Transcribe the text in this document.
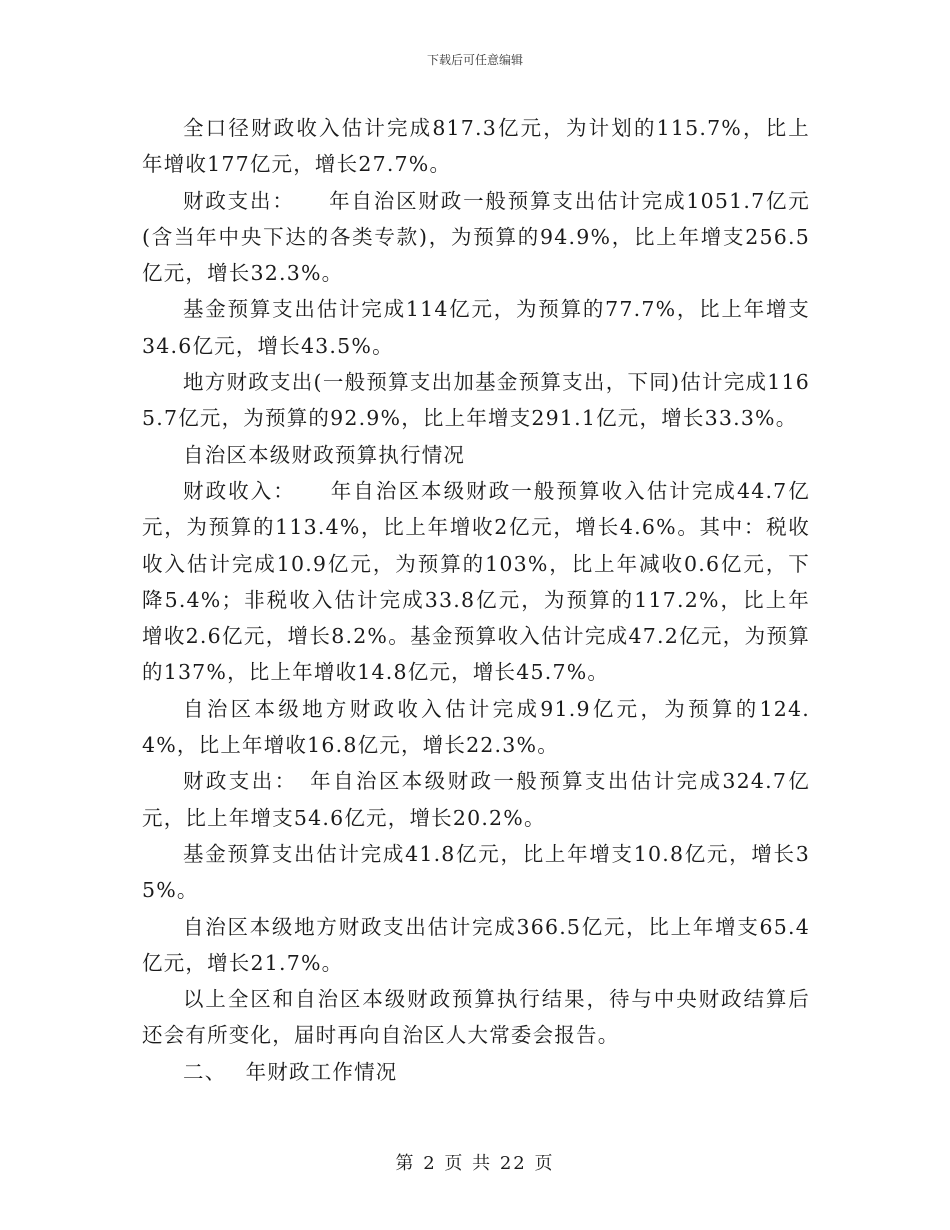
下载后可任意编辑

全口径财政收入估计完成817.3亿元，为计划的115.7%，比上年增收177亿元，增长27.7%。

财政支出：　　年自治区财政一般预算支出估计完成1051.7亿元(含当年中央下达的各类专款)，为预算的94.9%，比上年增支256.5亿元，增长32.3%。

基金预算支出估计完成114亿元，为预算的77.7%，比上年增支34.6亿元，增长43.5%。

地方财政支出(一般预算支出加基金预算支出，下同)估计完成1165.7亿元，为预算的92.9%，比上年增支291.1亿元，增长33.3%。

自治区本级财政预算执行情况

财政收入：　　年自治区本级财政一般预算收入估计完成44.7亿元，为预算的113.4%，比上年增收2亿元，增长4.6%。其中：税收收入估计完成10.9亿元，为预算的103%，比上年减收0.6亿元，下降5.4%；非税收入估计完成33.8亿元，为预算的117.2%，比上年增收2.6亿元，增长8.2%。基金预算收入估计完成47.2亿元，为预算的137%，比上年增收14.8亿元，增长45.7%。

自治区本级地方财政收入估计完成91.9亿元，为预算的124.4%，比上年增收16.8亿元，增长22.3%。

财政支出：　年自治区本级财政一般预算支出估计完成324.7亿元，比上年增支54.6亿元，增长20.2%。

基金预算支出估计完成41.8亿元，比上年增支10.8亿元，增长35%。

自治区本级地方财政支出估计完成366.5亿元，比上年增支65.4亿元，增长21.7%。

以上全区和自治区本级财政预算执行结果，待与中央财政结算后还会有所变化，届时再向自治区人大常委会报告。

二、　 年财政工作情况

第 2 页 共 22 页
